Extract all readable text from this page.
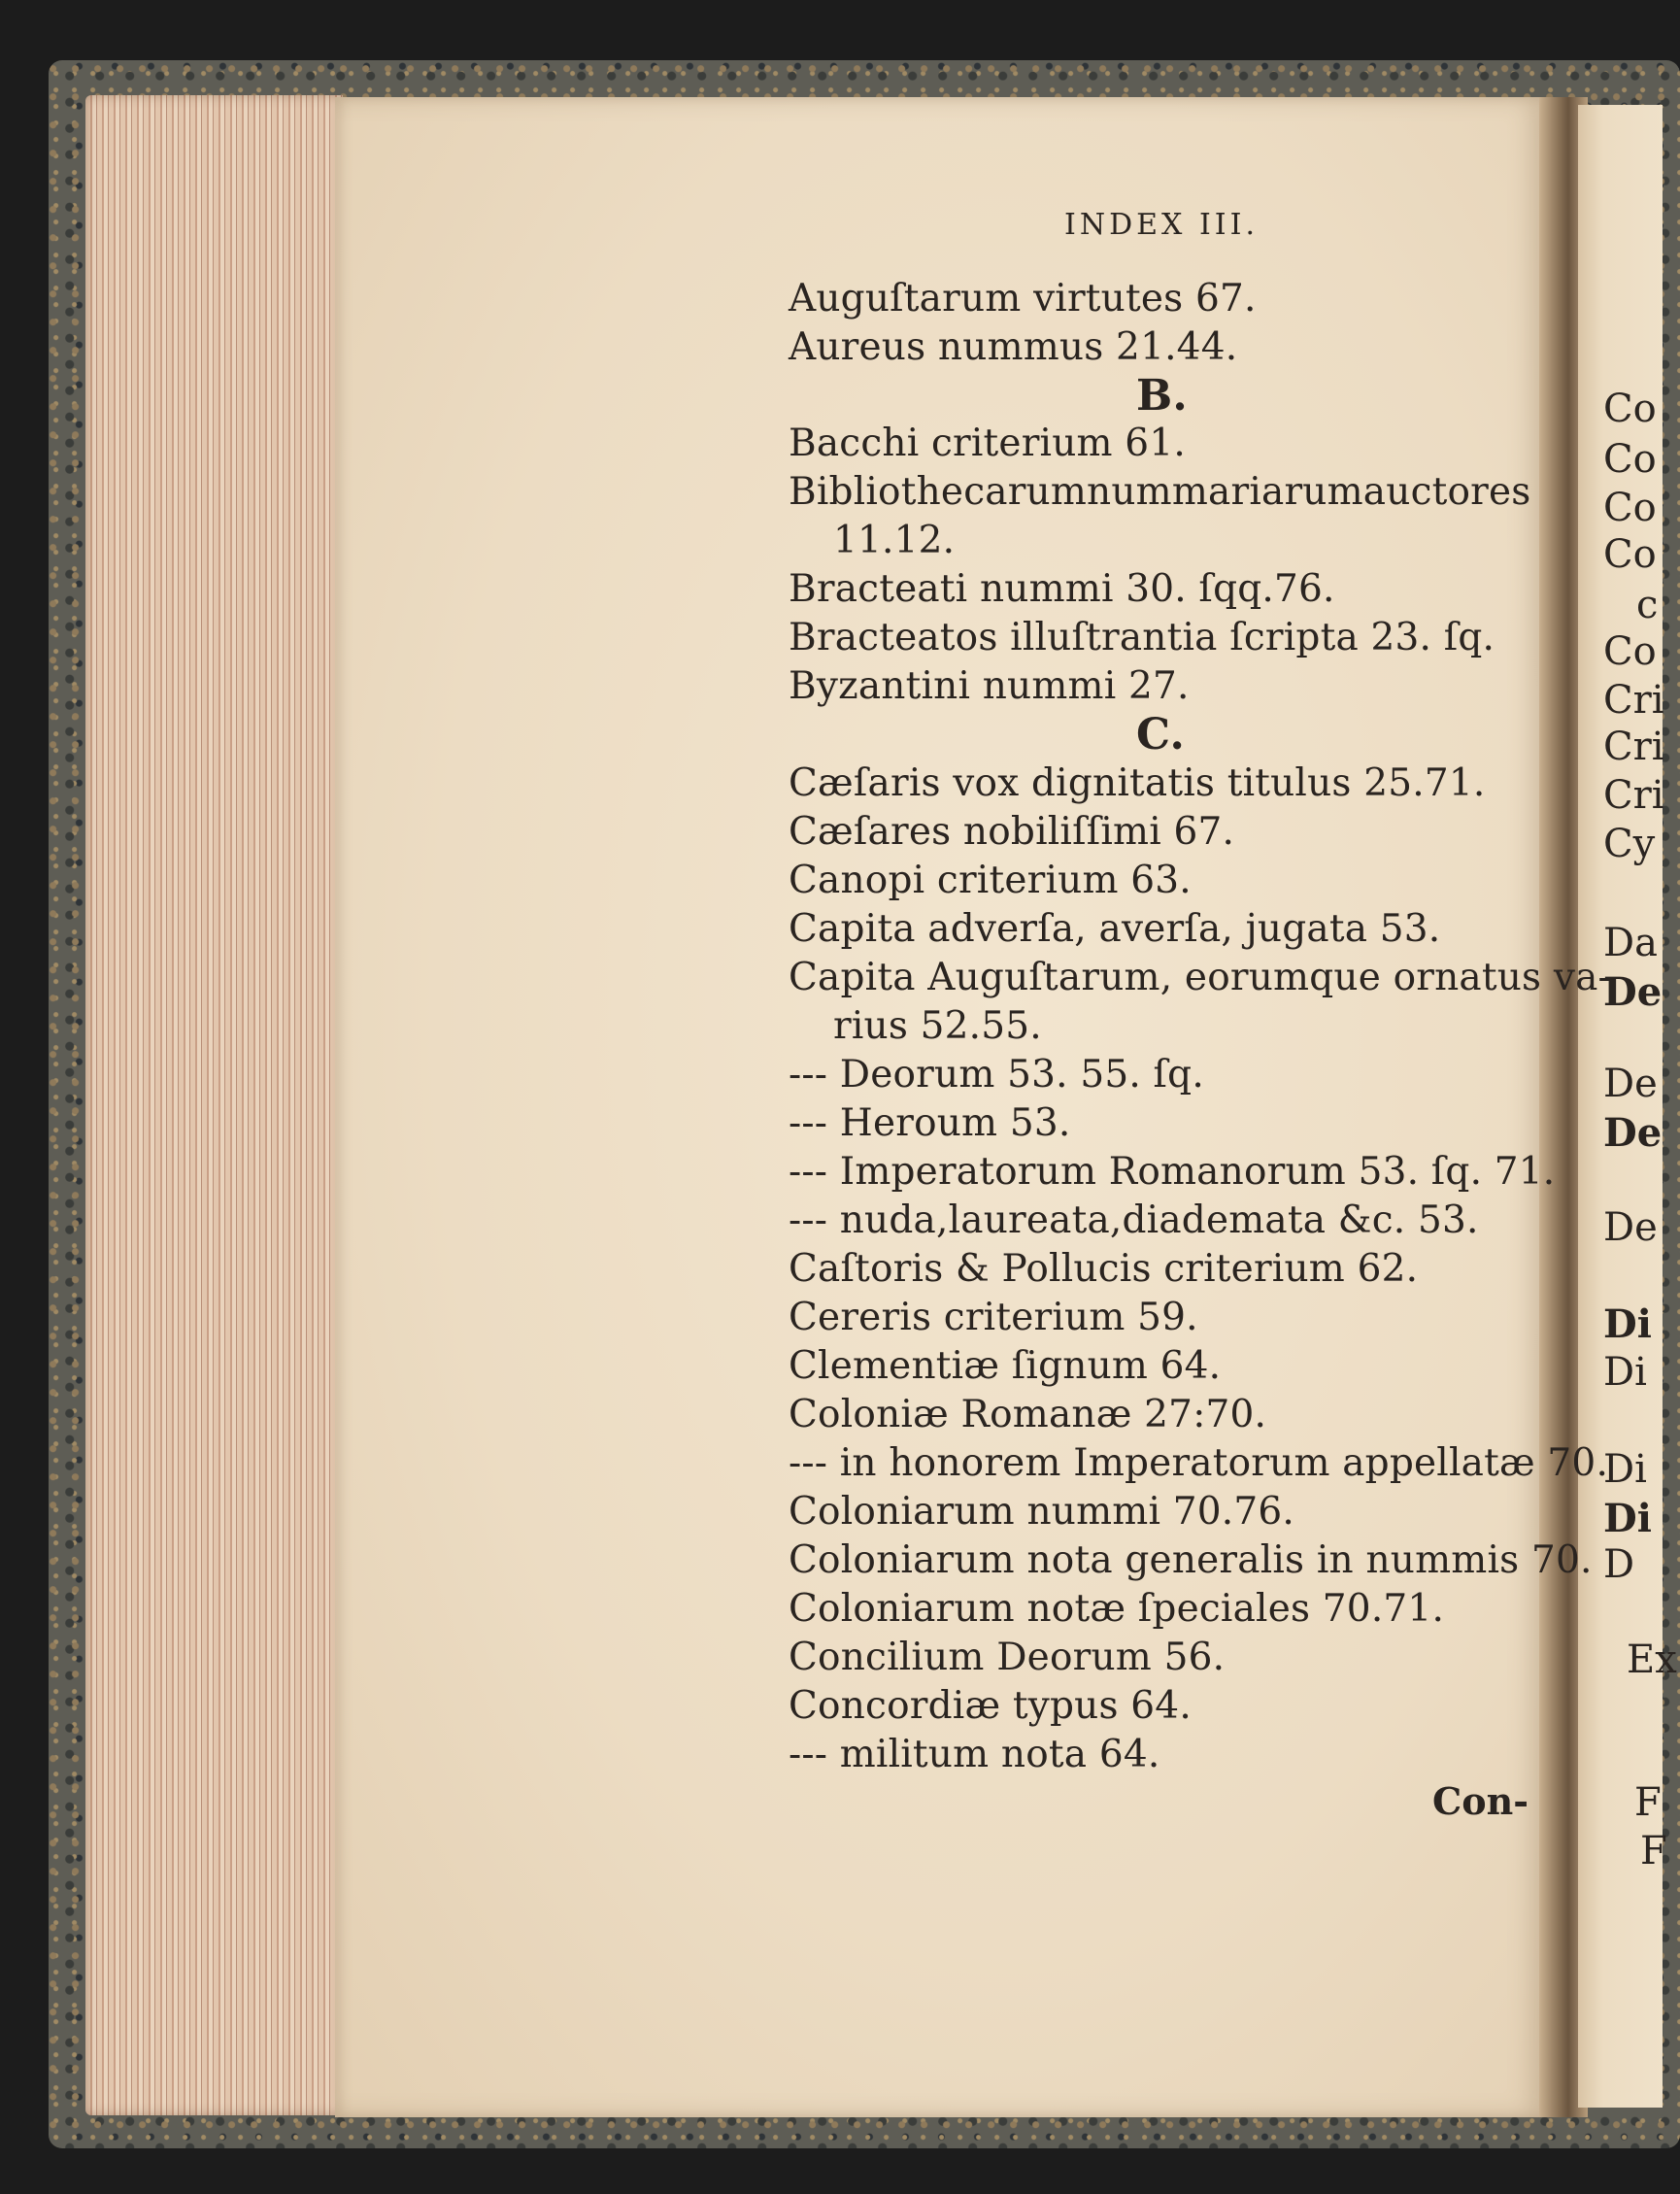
Co
Co
Co
Co
c
Co
Cri
Cri
Cri
Cy
Da
De
De
De
De
Di
Di
Di
Di
D
Ex
F
F
INDEX III.
Auguſtarum virtutes 67.
Aureus nummus 21.44.
B.
Bacchi criterium 61.
Bibliothecarum nummariarum auctores
11.12.
Bracteati nummi 30. ſqq.76.
Bracteatos illuſtrantia ſcripta 23. ſq.
Byzantini nummi 27.
C.
Cæſaris vox dignitatis titulus 25.71.
Cæſares nobiliſſimi 67.
Canopi criterium 63.
Capita adverſa, averſa, jugata 53.
Capita Auguſtarum, eorumque ornatus va-
rius 52.55.
--- Deorum 53. 55. ſq.
--- Heroum 53.
--- Imperatorum Romanorum 53. ſq. 71.
--- nuda,laureata,diademata &c. 53.
Caſtoris & Pollucis criterium 62.
Cereris criterium 59.
Clementiæ ſignum 64.
Coloniæ Romanæ 27:70.
--- in honorem Imperatorum appellatæ 70.
Coloniarum nummi 70.76.
Coloniarum nota generalis in nummis 70.
Coloniarum notæ ſpeciales 70.71.
Concilium Deorum 56.
Concordiæ typus 64.
--- militum nota 64.
Con-
